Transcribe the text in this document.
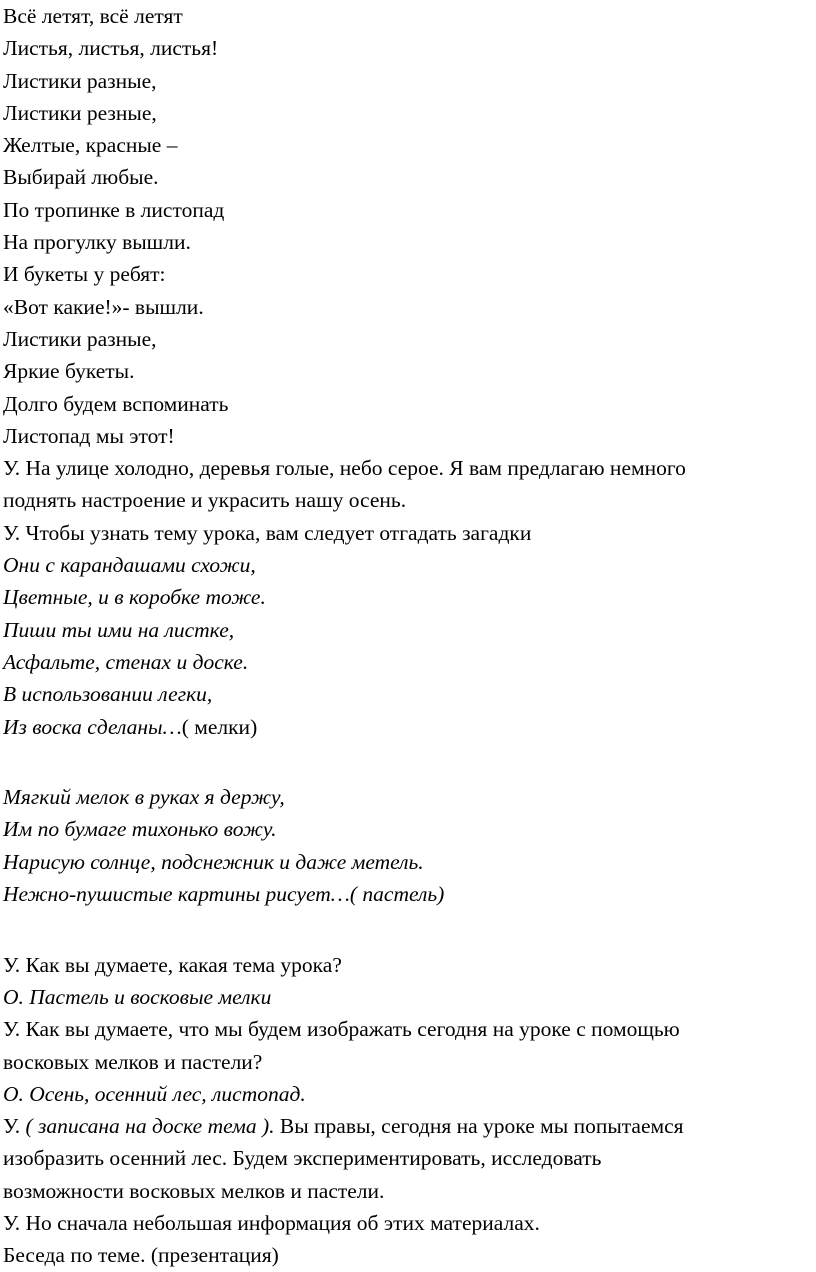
Всё летят, всё летят

Листья, листья, листья!

Листики разные,

Листики резные,

Желтые, красные –

Выбирай любые.

По тропинке в листопад

На прогулку вышли.

И букеты у ребят:

«Вот какие!»- вышли.

Листики разные,

Яркие букеты.

Долго будем вспоминать

Листопад мы этот!

У. На улице холодно, деревья голые, небо серое. Я вам предлагаю немного

поднять настроение и украсить нашу осень.

У. Чтобы узнать тему урока, вам следует отгадать загадки

Они с карандашами схожи,

Цветные, и в коробке тоже.

Пиши ты ими на листке,

Асфальте, стенах и доске.

В использовании легки,

Из воска сделаны…( мелки)

Мягкий мелок в руках я держу,

Им по бумаге тихонько вожу.

Нарисую солнце, подснежник и даже метель.

Нежно-пушистые картины рисует…( пастель)

У. Как вы думаете, какая тема урока?

О. Пастель и восковые мелки

У. Как вы думаете, что мы будем изображать сегодня на уроке с помощью

восковых мелков и пастели?

О. Осень, осенний лес, листопад.

У. ( записана на доске тема ). Вы правы, сегодня на уроке мы попытаемся

изобразить осенний лес. Будем экспериментировать, исследовать

возможности восковых мелков и пастели.

У. Но сначала небольшая информация об этих материалах.

Беседа по теме. (презентация)
